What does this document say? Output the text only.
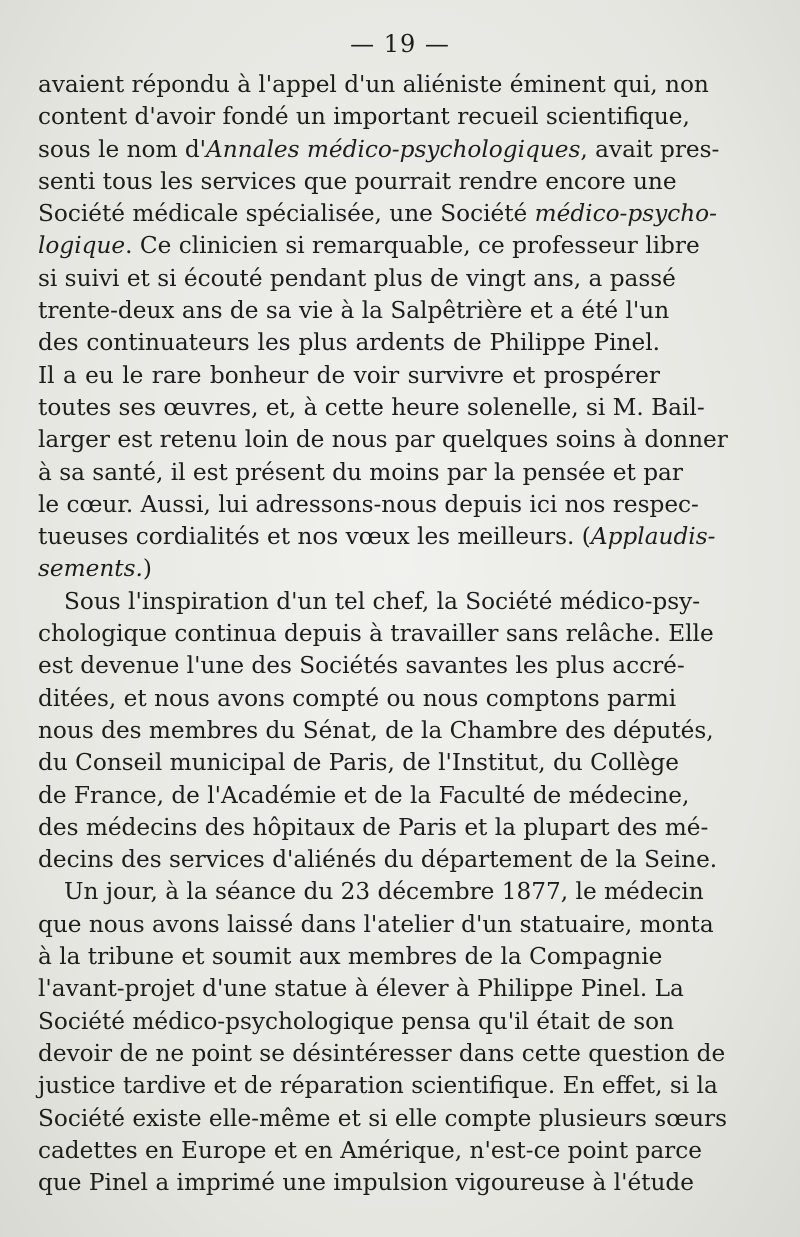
— 19 —
avaient répondu à l'appel d'un aliéniste éminent qui, non
content d'avoir fondé un important recueil scientifique,
sous le nom d'Annales médico-psychologiques, avait pres-
senti tous les services que pourrait rendre encore une
Société médicale spécialisée, une Société médico-psycho-
logique. Ce clinicien si remarquable, ce professeur libre
si suivi et si écouté pendant plus de vingt ans, a passé
trente-deux ans de sa vie à la Salpêtrière et a été l'un
des continuateurs les plus ardents de Philippe Pinel.
Il a eu le rare bonheur de voir survivre et prospérer
toutes ses œuvres, et, à cette heure solenelle, si M. Bail-
larger est retenu loin de nous par quelques soins à donner
à sa santé, il est présent du moins par la pensée et par
le cœur. Aussi, lui adressons-nous depuis ici nos respec-
tueuses cordialités et nos vœux les meilleurs. (Applaudis-
sements.)
Sous l'inspiration d'un tel chef, la Société médico-psy-
chologique continua depuis à travailler sans relâche. Elle
est devenue l'une des Sociétés savantes les plus accré-
ditées, et nous avons compté ou nous comptons parmi
nous des membres du Sénat, de la Chambre des députés,
du Conseil municipal de Paris, de l'Institut, du Collège
de France, de l'Académie et de la Faculté de médecine,
des médecins des hôpitaux de Paris et la plupart des mé-
decins des services d'aliénés du département de la Seine.
Un jour, à la séance du 23 décembre 1877, le médecin
que nous avons laissé dans l'atelier d'un statuaire, monta
à la tribune et soumit aux membres de la Compagnie
l'avant-projet d'une statue à élever à Philippe Pinel. La
Société médico-psychologique pensa qu'il était de son
devoir de ne point se désintéresser dans cette question de
justice tardive et de réparation scientifique. En effet, si la
Société existe elle-même et si elle compte plusieurs sœurs
cadettes en Europe et en Amérique, n'est-ce point parce
que Pinel a imprimé une impulsion vigoureuse à l'étude
